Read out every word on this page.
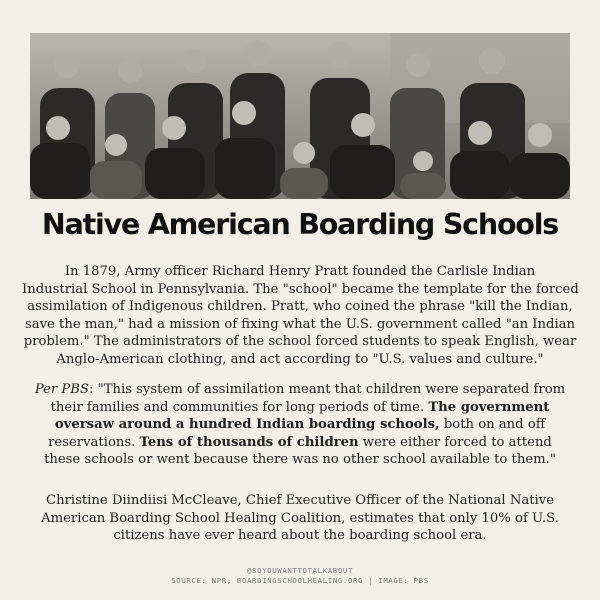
Native American Boarding Schools
In 1879, Army officer Richard Henry Pratt founded the Carlisle Indian
Industrial School in Pennsylvania. The "school" became the template for the forced
assimilation of Indigenous children. Pratt, who coined the phrase "kill the Indian,
save the man," had a mission of fixing what the U.S. government called "an Indian
problem." The administrators of the school forced students to speak English, wear
Anglo-American clothing, and act according to "U.S. values and culture."
Per PBS: "This system of assimilation meant that children were separated from
their families and communities for long periods of time. The government
oversaw around a hundred Indian boarding schools, both on and off
reservations. Tens of thousands of children were either forced to attend
these schools or went because there was no other school available to them."
Christine Diindiisi McCleave, Chief Executive Officer of the National Native
American Boarding School Healing Coalition, estimates that only 10% of U.S.
citizens have ever heard about the boarding school era.
@SOYOUWANTTOTALKABOUT
SOURCE: NPR, BOARDINGSCHOOLHEALING.ORG | IMAGE: PBS
